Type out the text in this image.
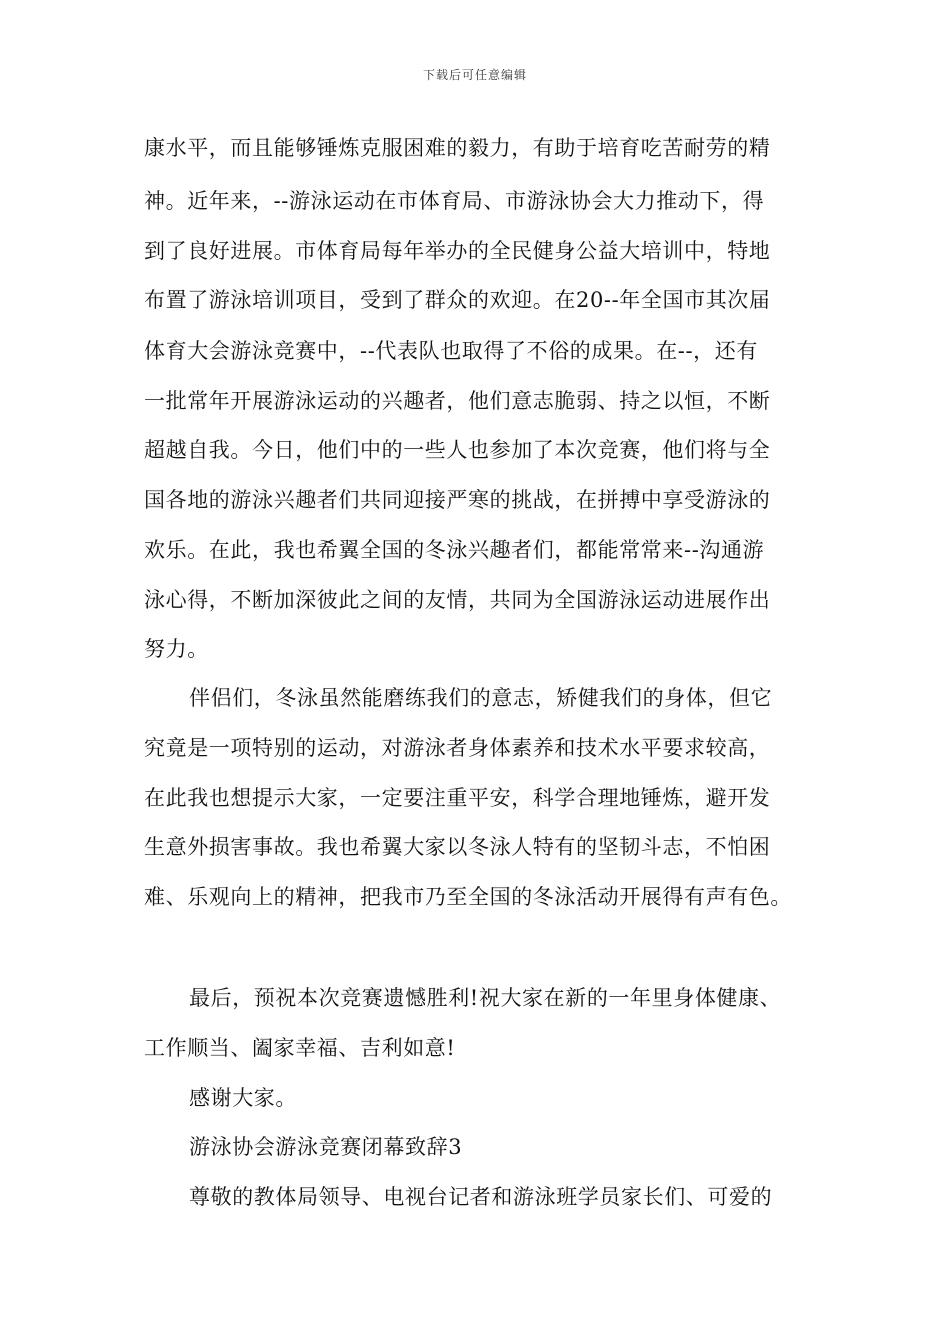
下载后可任意编辑
康水平，而且能够锤炼克服困难的毅力，有助于培育吃苦耐劳的精
神。近年来，--游泳运动在市体育局、市游泳协会大力推动下，得
到了良好进展。市体育局每年举办的全民健身公益大培训中，特地
布置了游泳培训项目，受到了群众的欢迎。在20--年全国市其次届
体育大会游泳竞赛中，--代表队也取得了不俗的成果。在--，还有
一批常年开展游泳运动的兴趣者，他们意志脆弱、持之以恒，不断
超越自我。今日，他们中的一些人也参加了本次竞赛，他们将与全
国各地的游泳兴趣者们共同迎接严寒的挑战，在拼搏中享受游泳的
欢乐。在此，我也希翼全国的冬泳兴趣者们，都能常常来--沟通游
泳心得，不断加深彼此之间的友情，共同为全国游泳运动进展作出
努力。
伴侣们，冬泳虽然能磨练我们的意志，矫健我们的身体，但它
究竟是一项特别的运动，对游泳者身体素养和技术水平要求较高，
在此我也想提示大家，一定要注重平安，科学合理地锤炼，避开发
生意外损害事故。我也希翼大家以冬泳人特有的坚韧斗志，不怕困
难、乐观向上的精神，把我市乃至全国的冬泳活动开展得有声有色。
最后，预祝本次竞赛遗憾胜利!祝大家在新的一年里身体健康、
工作顺当、阖家幸福、吉利如意!
感谢大家。
游泳协会游泳竞赛闭幕致辞3
尊敬的教体局领导、电视台记者和游泳班学员家长们、可爱的
